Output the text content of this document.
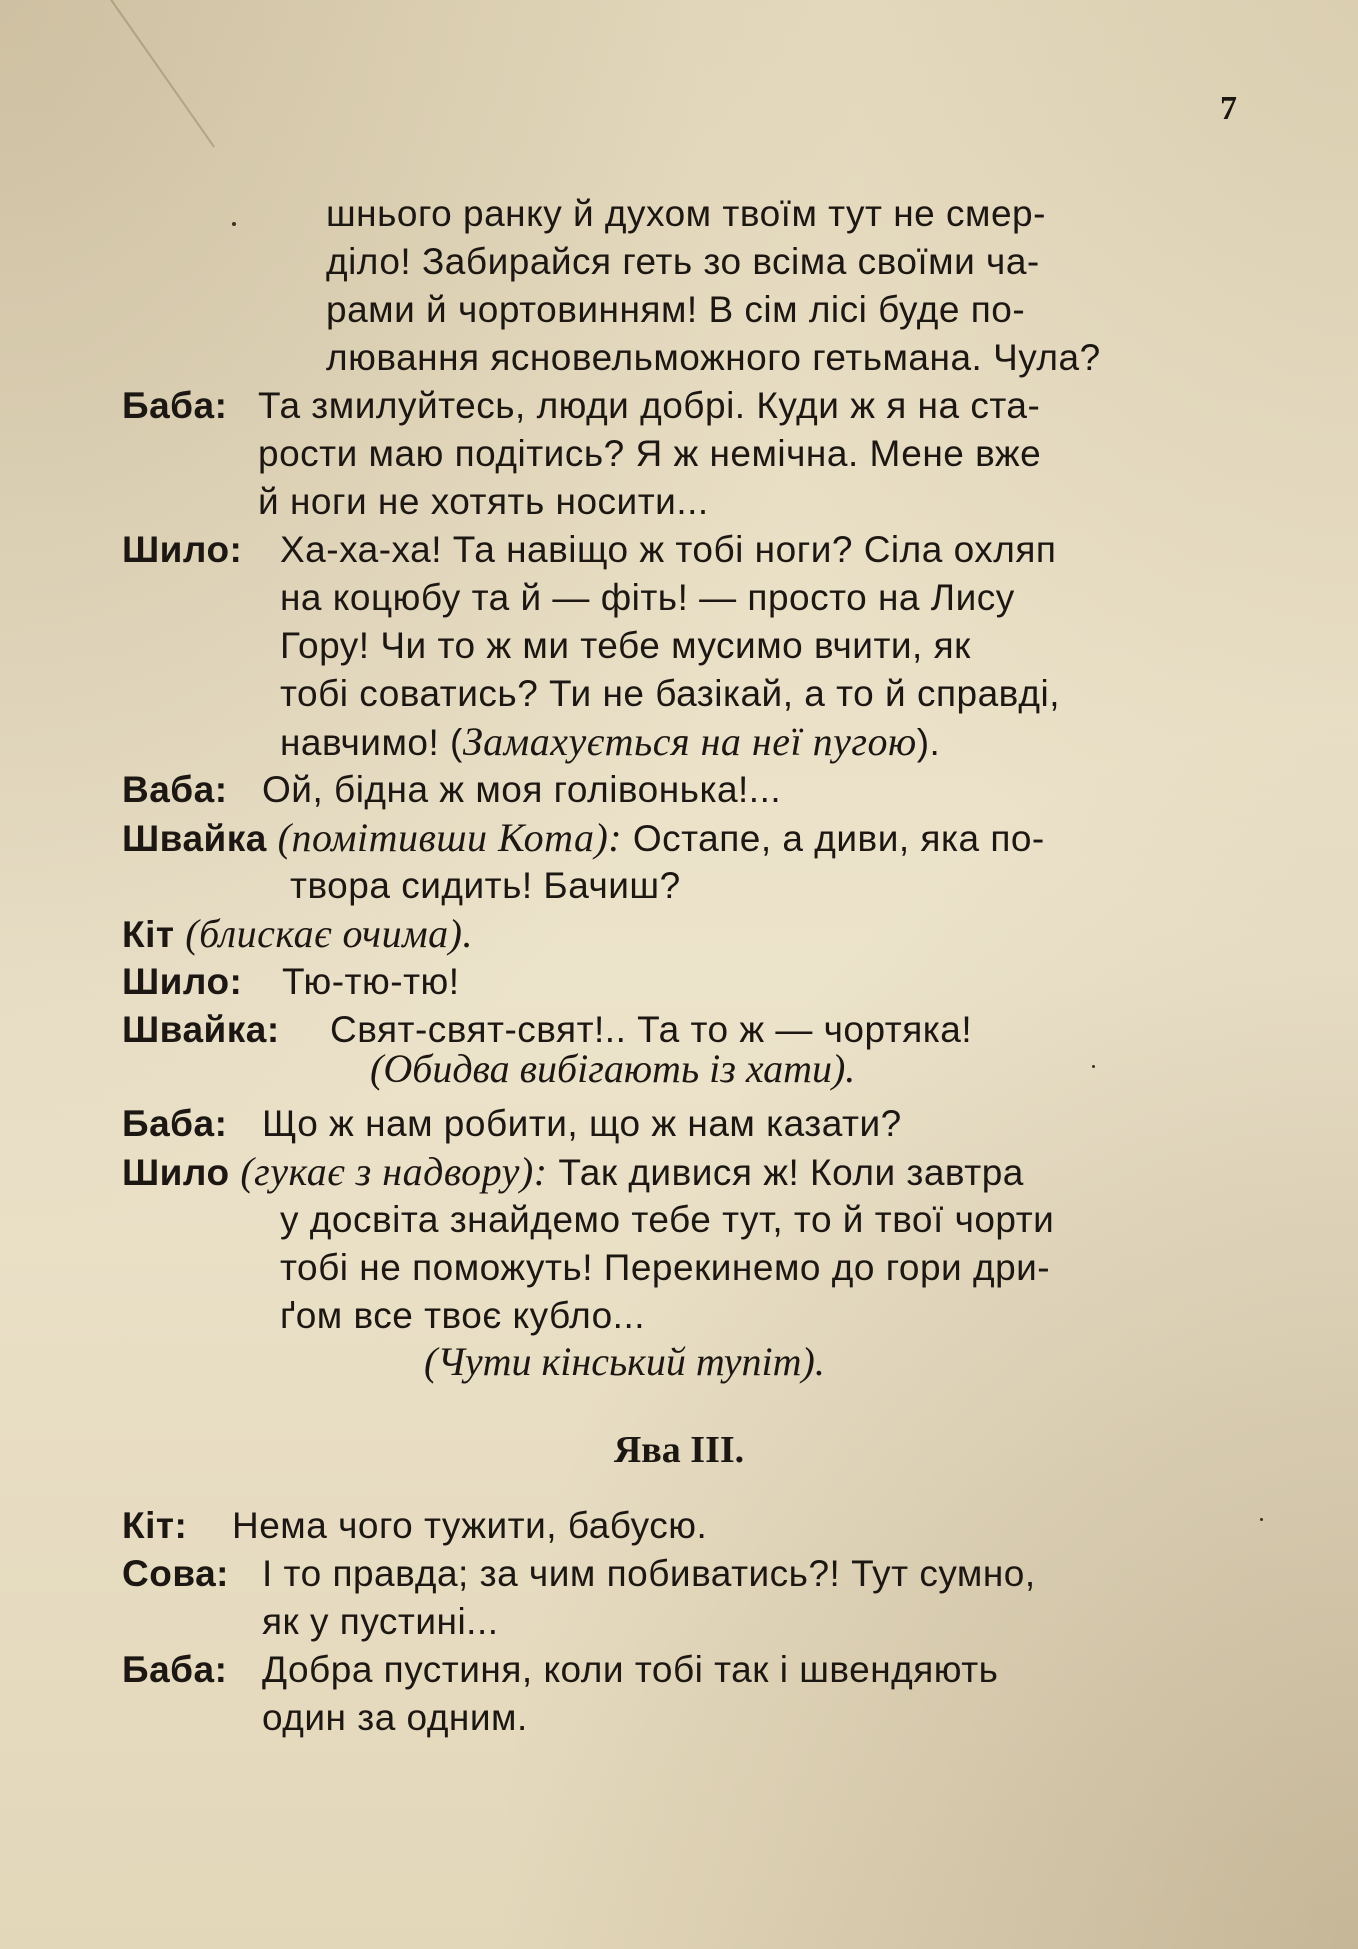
7
шнього ранку й духом твоїм тут не смер-
діло! Забирайся геть зо всіма своїми ча-
рами й чортовинням! В сім лісі буде по-
лювання ясновельможного гетьмана. Чула?
Баба: Та змилуйтесь, люди добрі. Куди ж я на ста-
рости маю подітись? Я ж немічна. Мене вже
й ноги не хотять носити...
Шило: Ха-ха-ха! Та навіщо ж тобі ноги? Сіла охляп
на коцюбу та й — фіть! — просто на Лису
Гору! Чи то ж ми тебе мусимо вчити, як
тобі соватись? Ти не базікай, а то й справді,
навчимо! (Замахується на неї пугою).
Ваба: Ой, бідна ж моя голівонька!...
Швайка (помітивши Кота): Остапе, а диви, яка по-
твора сидить! Бачиш?
Кіт (блискає очима).
Шило: Тю-тю-тю!
Швайка: Свят-свят-свят!.. Та то ж — чортяка!
(Обидва вибігають із хати).
Баба: Що ж нам робити, що ж нам казати?
Шило (гукає з надвору): Так дивися ж! Коли завтра
у досвіта знайдемо тебе тут, то й твої чорти
тобі не поможуть! Перекинемо до гори дри-
ґом все твоє кубло...
(Чути кінський тупіт).
Ява III.
Кіт: Нема чого тужити, бабусю.
Сова: І то правда; за чим побиватись?! Тут сумно,
як у пустині...
Баба: Добра пустиня, коли тобі так і швендяють
один за одним.
